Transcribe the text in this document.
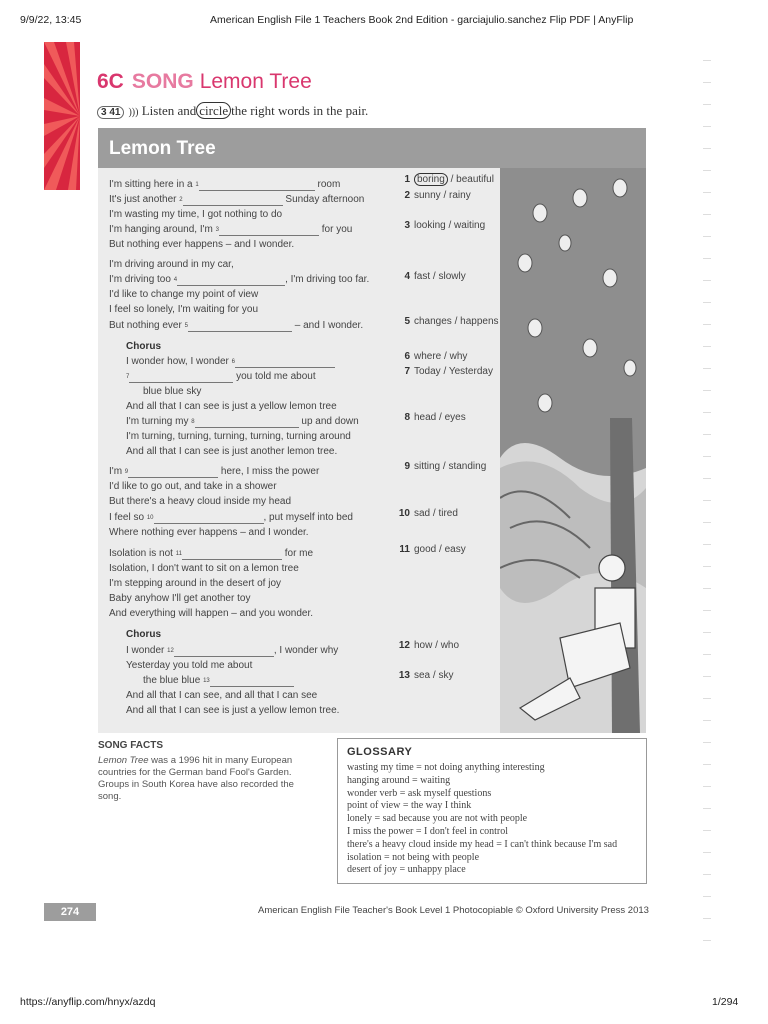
9/9/22, 13:45	American English File 1 Teachers Book 2nd Edition - garciajulio.sanchez Flip PDF | AnyFlip
6C SONG Lemon Tree
3 41 ))) Listen and circle the right words in the pair.
Lemon Tree
I'm sitting here in a $^1$	room
It's just another $^2$	Sunday afternoon
I'm wasting my time, I got nothing to do
I'm hanging around, I'm $^3$	for you
But nothing ever happens – and I wonder.
I'm driving around in my car,
I'm driving too $^4$	, I'm driving too far.
I'd like to change my point of view
I feel so lonely, I'm waiting for you
But nothing ever $^5$	– and I wonder.
Chorus
I wonder how, I wonder $^6$
$^7$	you told me about
blue blue sky
And all that I can see is just a yellow lemon tree
I'm turning my $^8$	up and down
I'm turning, turning, turning, turning, turning around
And all that I can see is just another lemon tree.
I'm $^9$	here, I miss the power
I'd like to go out, and take in a shower
But there's a heavy cloud inside my head
I feel so $^{10}$	, put myself into bed
Where nothing ever happens – and I wonder.
Isolation is not $^{11}$	for me
Isolation, I don't want to sit on a lemon tree
I'm stepping around in the desert of joy
Baby anyhow I'll get another toy
And everything will happen – and you wonder.
Chorus
I wonder $^{12}$	, I wonder why
Yesterday you told me about
the blue blue $^{13}$
And all that I can see, and all that I can see
And all that I can see is just a yellow lemon tree.
1 boring / beautiful
2 sunny / rainy
3 looking / waiting
4 fast / slowly
5 changes / happens
6 where / why
7 Today / Yesterday
8 head / eyes
9 sitting / standing
10 sad / tired
11 good / easy
12 how / who
13 sea / sky
SONG FACTS
Lemon Tree was a 1996 hit in many European countries for the German band Fool's Garden. Groups in South Korea have also recorded the song.
GLOSSARY
wasting my time = not doing anything interesting
hanging around = waiting
wonder verb = ask myself questions
point of view = the way I think
lonely = sad because you are not with people
I miss the power = I don't feel in control
there's a heavy cloud inside my head = I can't think because I'm sad
isolation = not being with people
desert of joy = unhappy place
274	American English File Teacher's Book Level 1 Photocopiable © Oxford University Press 2013
https://anyflip.com/hnyx/azdq	1/294
